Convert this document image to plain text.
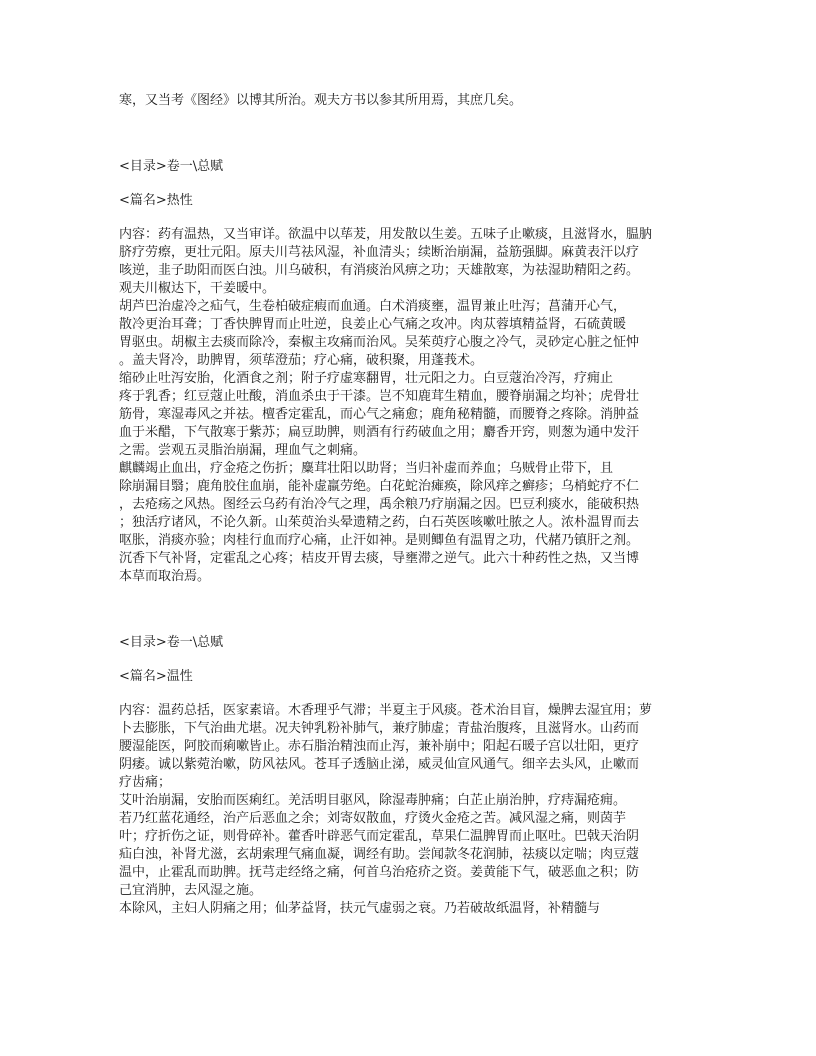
寒，又当考《图经》以博其所治。观夫方书以参其所用焉，其庶几矣。

<目录>卷一\总赋

<篇名>热性

内容：药有温热，又当审详。欲温中以荜茇，用发散以生姜。五味子止嗽痰，且滋肾水，腽肭

脐疗劳瘵，更壮元阳。原夫川芎祛风湿，补血清头；续断治崩漏，益筋强脚。麻黄表汗以疗

咳逆，韭子助阳而医白浊。川乌破积，有消痰治风痹之功；天雄散寒，为祛湿助精阳之药。

观夫川椒达下，干姜暖中。

胡芦巴治虚冷之疝气，生卷柏破症瘕而血通。白术消痰壅，温胃兼止吐泻；菖蒲开心气，

散冷更治耳聋；丁香快脾胃而止吐逆，良姜止心气痛之攻冲。肉苁蓉填精益肾，石硫黄暖

胃驱虫。胡椒主去痰而除冷，秦椒主攻痛而治风。吴茱萸疗心腹之冷气，灵砂定心脏之怔忡

。盖夫肾冷，助脾胃，须荜澄茄；疗心痛，破积聚，用蓬莪术。

缩砂止吐泻安胎，化酒食之剂；附子疗虚寒翻胃，壮元阳之力。白豆蔻治冷泻，疗痈止

疼于乳香；红豆蔻止吐酸，消血杀虫于干漆。岂不知鹿茸生精血，腰脊崩漏之均补；虎骨壮

筋骨，寒湿毒风之并祛。檀香定霍乱，而心气之痛愈；鹿角秘精髓，而腰脊之疼除。消肿益

血于米醋，下气散寒于紫苏；扁豆助脾，则酒有行药破血之用；麝香开窍，则葱为通中发汗

之需。尝观五灵脂治崩漏，理血气之刺痛。

麒麟竭止血出，疗金疮之伤折；麋茸壮阳以助肾；当归补虚而养血；乌贼骨止带下，且

除崩漏目翳；鹿角胶住血崩，能补虚羸劳绝。白花蛇治瘫痪，除风痒之癣疹；乌梢蛇疗不仁

，去疮疡之风热。图经云乌药有治冷气之理，禹余粮乃疗崩漏之因。巴豆利痰水，能破积热

；独活疗诸风，不论久新。山茱萸治头晕遗精之药，白石英医咳嗽吐脓之人。浓朴温胃而去

呕胀，消痰亦验；肉桂行血而疗心痛，止汗如神。是则鲫鱼有温胃之功，代赭乃镇肝之剂。

沉香下气补肾，定霍乱之心疼；桔皮开胃去痰，导壅滞之逆气。此六十种药性之热，又当博

本草而取治焉。

<目录>卷一\总赋

<篇名>温性

内容：温药总括，医家素谙。木香理乎气滞；半夏主于风痰。苍术治目盲，燥脾去湿宜用；萝

卜去膨胀，下气治曲尤堪。况夫钟乳粉补肺气，兼疗肺虚；青盐治腹疼，且滋肾水。山药而

腰湿能医，阿胶而痢嗽皆止。赤石脂治精浊而止泻，兼补崩中；阳起石暖子宫以壮阳，更疗

阴痿。诚以紫菀治嗽，防风祛风。苍耳子透脑止涕，威灵仙宣风通气。细辛去头风，止嗽而

疗齿痛；

艾叶治崩漏，安胎而医痢红。羌活明目驱风，除湿毒肿痛；白芷止崩治肿，疗痔漏疮痈。

若乃红蓝花通经，治产后恶血之余；刘寄奴散血，疗烫火金疮之苦。减风湿之痛，则茵芋

叶；疗折伤之证，则骨碎补。藿香叶辟恶气而定霍乱，草果仁温脾胃而止呕吐。巴戟天治阴

疝白浊，补肾尤滋，玄胡索理气痛血凝，调经有助。尝闻款冬花润肺，祛痰以定喘；肉豆蔻

温中，止霍乱而助脾。抚芎走经络之痛，何首乌治疮疥之资。姜黄能下气，破恶血之积；防

己宜消肿，去风湿之施。

本除风，主妇人阴痛之用；仙茅益肾，扶元气虚弱之衰。乃若破故纸温肾，补精髓与
